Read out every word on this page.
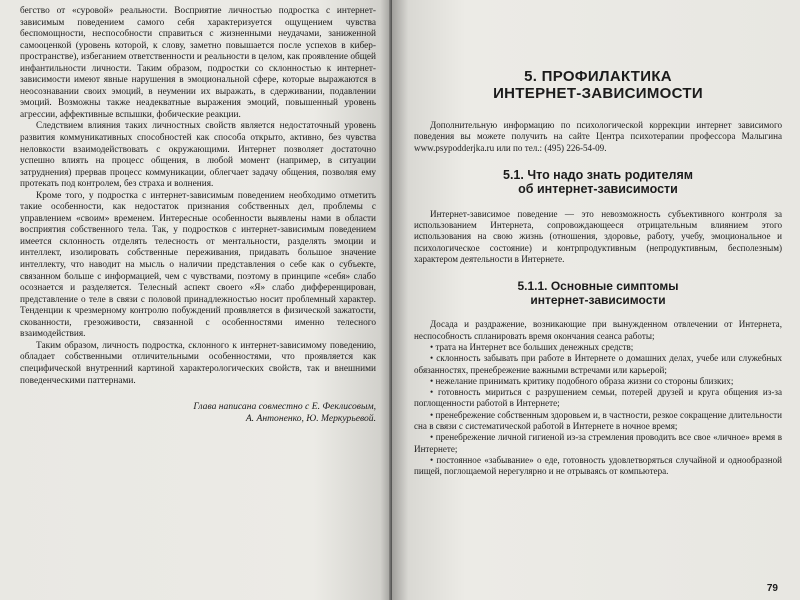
бегство от «суровой» реальности. Восприятие личностью подростка с интернет-зависимым поведением самого себя характеризуется ощущением чувства беспомощности, неспособности справиться с жизненными неудачами, заниженной самооценкой (уровень которой, к слову, заметно повышается после успехов в кибер-пространстве), избеганием ответственности и реальности в целом, как проявление общей инфантильности личности. Таким образом, подростки со склонностью к интернет-зависимости имеют явные нарушения в эмоциональной сфере, которые выражаются в неосознавании своих эмоций, в неумении их выражать, в сдерживании, подавлении эмоций. Возможны также неадекватные выражения эмоций, повышенный уровень агрессии, аффективные вспышки, фобические реакции.

Следствием влияния таких личностных свойств является недостаточный уровень развития коммуникативных способностей как способа открыто, активно, без чувства неловкости взаимодействовать с окружающими. Интернет позволяет достаточно успешно влиять на процесс общения, в любой момент (например, в ситуации затруднения) прервав процесс коммуникации, облегчает задачу общения, позволяя ему протекать под контролем, без страха и волнения.

Кроме того, у подростка с интернет-зависимым поведением необходимо отметить такие особенности, как недостаток признания собственных дел, проблемы с управлением «своим» временем. Интересные особенности выявлены нами в области восприятия собственного тела. Так, у подростков с интернет-зависимым поведением имеется склонность отделять телесность от ментальности, разделять эмоции и интеллект, изолировать собственные переживания, придавать большое значение интеллекту, что наводит на мысль о наличии представления о себе как о субъекте, связанном больше с информацией, чем с чувствами, поэтому в принципе «себя» слабо осознается и разделяется. Телесный аспект своего «Я» слабо дифференцирован, представление о теле в связи с половой принадлежностью носит проблемный характер. Тенденции к чрезмерному контролю побуждений проявляется в физической зажатости, скованности, грезоживости, связанной с особенностями именно телесного взаимодействия.

Таким образом, личность подростка, склонного к интернет-зависимому поведению, обладает собственными отличительными особенностями, что проявляется как специфической внутренний картиной характерологических свойств, так и внешними поведенческими паттернами.

Глава написана совместно с Е. Феклисовым,
А. Антоненко, Ю. Меркурьевой.
5. ПРОФИЛАКТИКА
ИНТЕРНЕТ-ЗАВИСИМОСТИ

Дополнительную информацию по психологической коррекции интернет зависимого поведения вы можете получить на сайте Центра психотерапии профессора Малыгина www.psypodderjka.ru или по тел.: (495) 226-54-09.

5.1. Что надо знать родителям
об интернет-зависимости

Интернет-зависимое поведение — это невозможность субъективного контроля за использованием Интернета, сопровождающееся отрицательным влиянием этого использования на свою жизнь (отношения, здоровье, работу, учебу, эмоциональное и психологическое состояние) и контрпродуктивным (непродуктивным, бесполезным) характером деятельности в Интернете.

5.1.1. Основные симптомы
интернет-зависимости

Досада и раздражение, возникающие при вынужденном отвлечении от Интернета, неспособность спланировать время окончания сеанса работы;

• трата на Интернет все больших денежных средств;

• склонность забывать при работе в Интернете о домашних делах, учебе или служебных обязанностях, пренебрежение важными встречами или карьерой;

• нежелание принимать критику подобного образа жизни со стороны близких;

• готовность мириться с разрушением семьи, потерей друзей и круга общения из-за поглощенности работой в Интернете;

• пренебрежение собственным здоровьем и, в частности, резкое сокращение длительности сна в связи с систематической работой в Интернете в ночное время;

• пренебрежение личной гигиеной из-за стремления проводить все свое «личное» время в Интернете;

• постоянное «забывание» о еде, готовность удовлетворяться случайной и однообразной пищей, поглощаемой нерегулярно и не отрываясь от компьютера.

79
